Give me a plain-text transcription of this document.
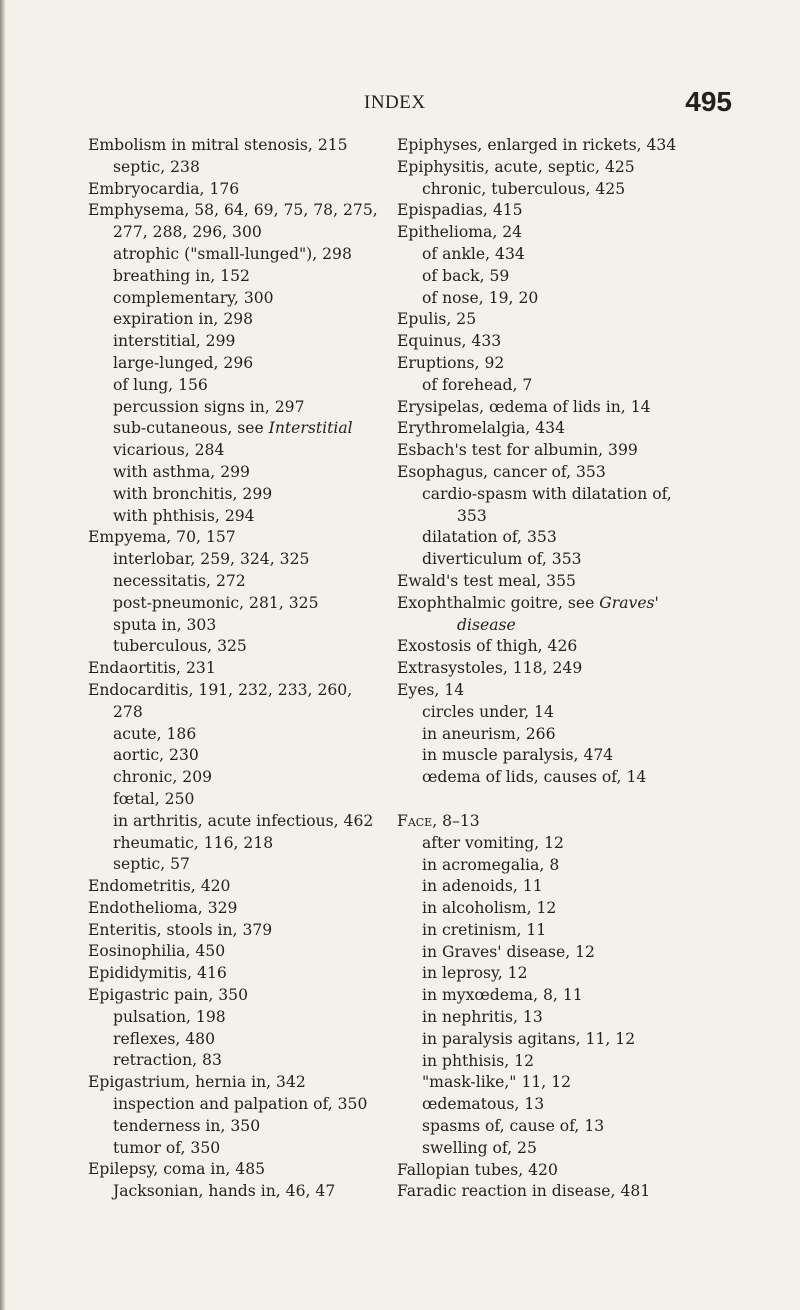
INDEX	495
Embolism in mitral stenosis, 215
septic, 238
Embryocardia, 176
Emphysema, 58, 64, 69, 75, 78, 275,
277, 288, 296, 300
atrophic ("small-lunged"), 298
breathing in, 152
complementary, 300
expiration in, 298
interstitial, 299
large-lunged, 296
of lung, 156
percussion signs in, 297
sub-cutaneous, see Interstitial
vicarious, 284
with asthma, 299
with bronchitis, 299
with phthisis, 294
Empyema, 70, 157
interlobar, 259, 324, 325
necessitatis, 272
post-pneumonic, 281, 325
sputa in, 303
tuberculous, 325
Endaortitis, 231
Endocarditis, 191, 232, 233, 260,
278
acute, 186
aortic, 230
chronic, 209
fœtal, 250
in arthritis, acute infectious, 462
rheumatic, 116, 218
septic, 57
Endometritis, 420
Endothelioma, 329
Enteritis, stools in, 379
Eosinophilia, 450
Epididymitis, 416
Epigastric pain, 350
pulsation, 198
reflexes, 480
retraction, 83
Epigastrium, hernia in, 342
inspection and palpation of, 350
tenderness in, 350
tumor of, 350
Epilepsy, coma in, 485
Jacksonian, hands in, 46, 47
Epiphyses, enlarged in rickets, 434
Epiphysitis, acute, septic, 425
chronic, tuberculous, 425
Epispadias, 415
Epithelioma, 24
of ankle, 434
of back, 59
of nose, 19, 20
Epulis, 25
Equinus, 433
Eruptions, 92
of forehead, 7
Erysipelas, œdema of lids in, 14
Erythromelalgia, 434
Esbach's test for albumin, 399
Esophagus, cancer of, 353
cardio-spasm with dilatation of,
353
dilatation of, 353
diverticulum of, 353
Ewald's test meal, 355
Exophthalmic goitre, see Graves'
disease
Exostosis of thigh, 426
Extrasystoles, 118, 249
Eyes, 14
circles under, 14
in aneurism, 266
in muscle paralysis, 474
œdema of lids, causes of, 14
Face, 8–13
after vomiting, 12
in acromegalia, 8
in adenoids, 11
in alcoholism, 12
in cretinism, 11
in Graves' disease, 12
in leprosy, 12
in myxœdema, 8, 11
in nephritis, 13
in paralysis agitans, 11, 12
in phthisis, 12
"mask-like," 11, 12
œdematous, 13
spasms of, cause of, 13
swelling of, 25
Fallopian tubes, 420
Faradic reaction in disease, 481
